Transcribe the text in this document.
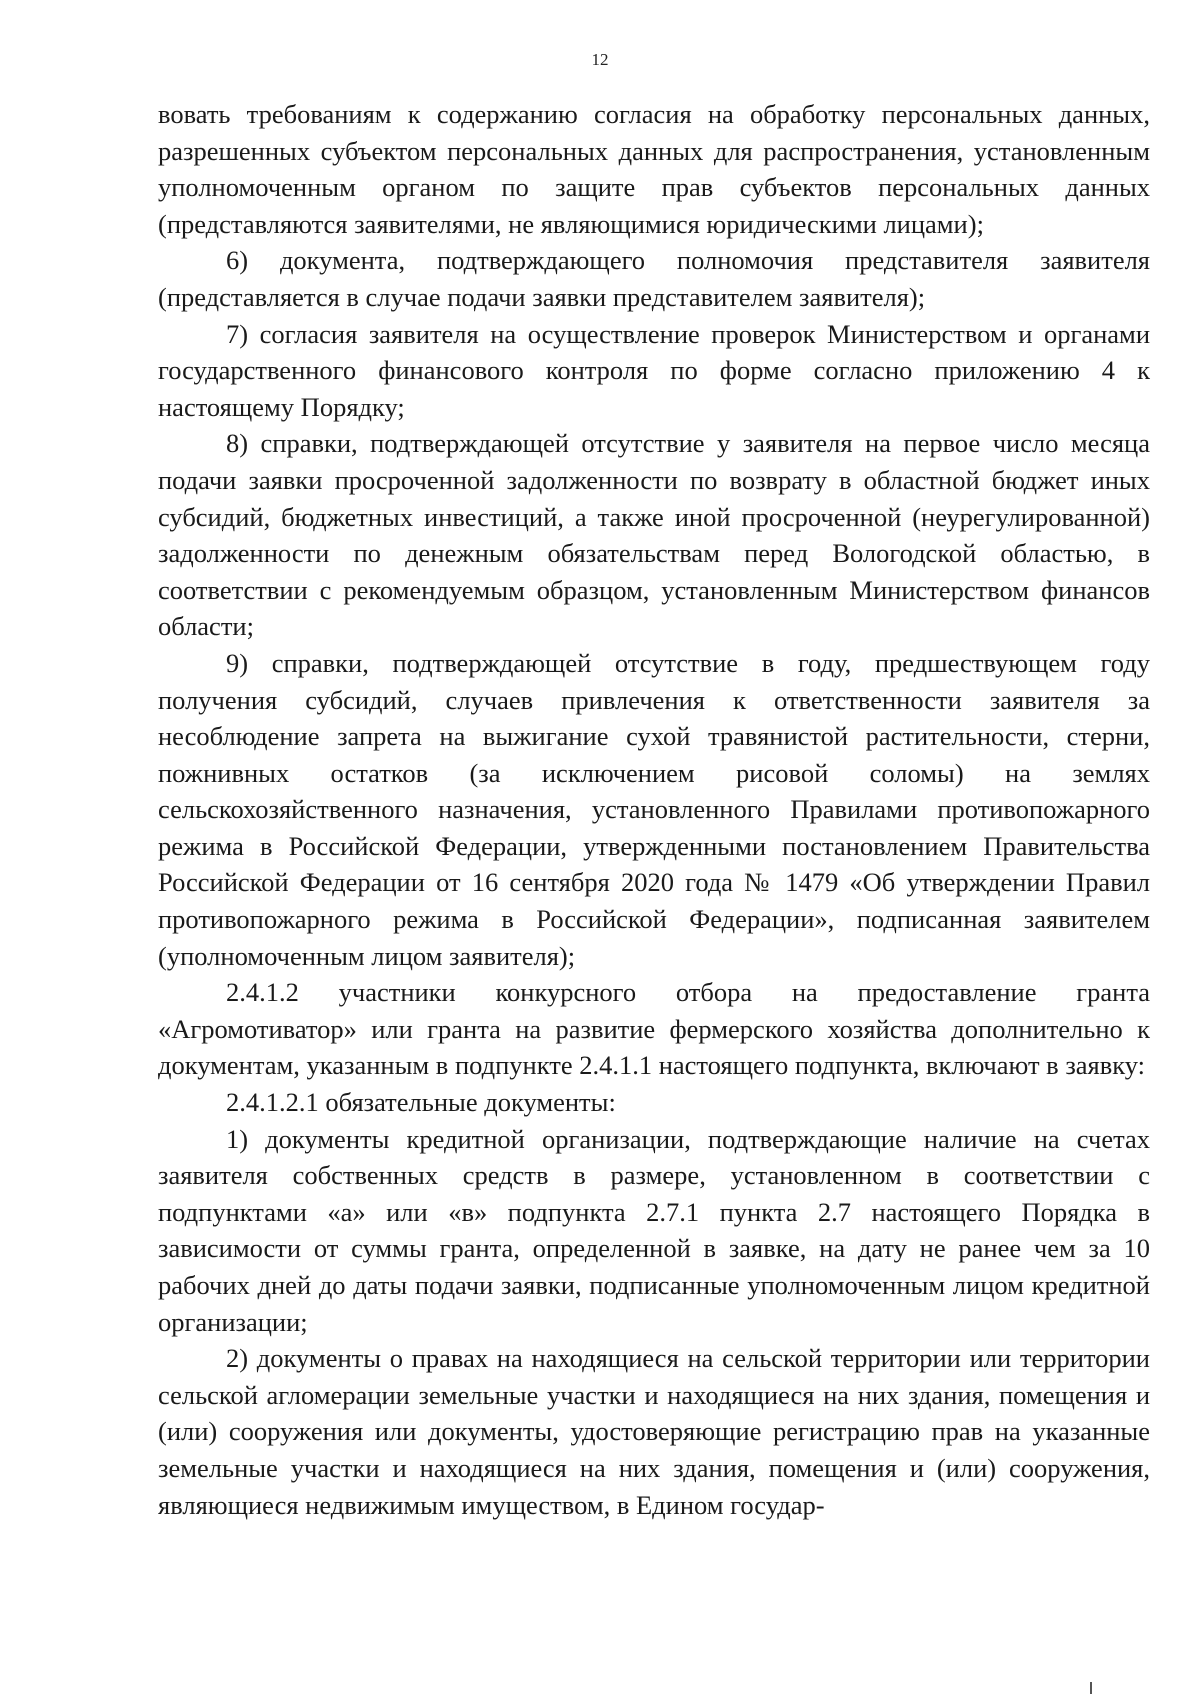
12

вовать требованиям к содержанию согласия на обработку персональных данных, разрешенных субъектом персональных данных для распространения, установленным уполномоченным органом по защите прав субъектов персональных данных (представляются заявителями, не являющимися юридическими лицами);

6) документа, подтверждающего полномочия представителя заявителя (представляется в случае подачи заявки представителем заявителя);

7) согласия заявителя на осуществление проверок Министерством и органами государственного финансового контроля по форме согласно приложению 4 к настоящему Порядку;

8) справки, подтверждающей отсутствие у заявителя на первое число месяца подачи заявки просроченной задолженности по возврату в областной бюджет иных субсидий, бюджетных инвестиций, а также иной просроченной (неурегулированной) задолженности по денежным обязательствам перед Вологодской областью, в соответствии с рекомендуемым образцом, установленным Министерством финансов области;

9) справки, подтверждающей отсутствие в году, предшествующем году получения субсидий, случаев привлечения к ответственности заявителя за несоблюдение запрета на выжигание сухой травянистой растительности, стерни, пожнивных остатков (за исключением рисовой соломы) на землях сельскохозяйственного назначения, установленного Правилами противопожарного режима в Российской Федерации, утвержденными постановлением Правительства Российской Федерации от 16 сентября 2020 года № 1479 «Об утверждении Правил противопожарного режима в Российской Федерации», подписанная заявителем (уполномоченным лицом заявителя);

2.4.1.2 участники конкурсного отбора на предоставление гранта «Агромотиватор» или гранта на развитие фермерского хозяйства дополнительно к документам, указанным в подпункте 2.4.1.1 настоящего подпункта, включают в заявку:

2.4.1.2.1 обязательные документы:

1) документы кредитной организации, подтверждающие наличие на счетах заявителя собственных средств в размере, установленном в соответствии с подпунктами «а» или «в» подпункта 2.7.1 пункта 2.7 настоящего Порядка в зависимости от суммы гранта, определенной в заявке, на дату не ранее чем за 10 рабочих дней до даты подачи заявки, подписанные уполномоченным лицом кредитной организации;

2) документы о правах на находящиеся на сельской территории или территории сельской агломерации земельные участки и находящиеся на них здания, помещения и (или) сооружения или документы, удостоверяющие регистрацию прав на указанные земельные участки и находящиеся на них здания, помещения и (или) сооружения, являющиеся недвижимым имуществом, в Едином государ-
